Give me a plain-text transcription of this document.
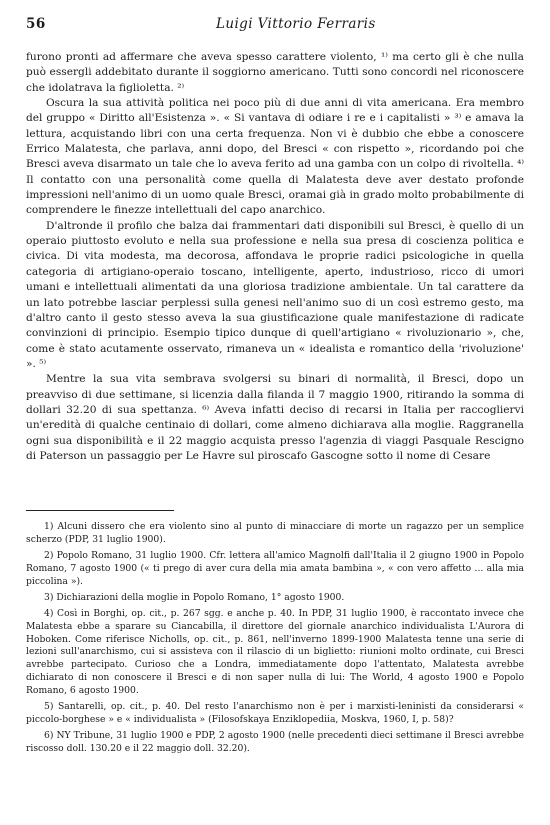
56	Luigi Vittorio Ferraris

furono pronti ad affermare che aveva spesso carattere violento, ¹⁾ ma certo gli è che nulla può essergli addebitato durante il soggiorno americano. Tutti sono concordi nel riconoscere che idolatrava la figlioletta. ²⁾

Oscura la sua attività politica nei poco più di due anni di vita americana. Era membro del gruppo « Diritto all'Esistenza ». « Si vantava di odiare i re e i capitalisti » ³⁾ e amava la lettura, acquistando libri con una certa frequenza. Non vi è dubbio che ebbe a conoscere Errico Malatesta, che parlava, anni dopo, del Bresci « con rispetto », ricordando poi che Bresci aveva disarmato un tale che lo aveva ferito ad una gamba con un colpo di rivoltella. ⁴⁾ Il contatto con una personalità come quella di Malatesta deve aver destato profonde impressioni nell'animo di un uomo quale Bresci, oramai già in grado molto probabilmente di comprendere le finezze intellettuali del capo anarchico.

D'altronde il profilo che balza dai frammentari dati disponibili sul Bresci, è quello di un operaio piuttosto evoluto e nella sua professione e nella sua presa di coscienza politica e civica. Di vita modesta, ma decorosa, affondava le proprie radici psicologiche in quella categoria di artigiano-operaio toscano, intelligente, aperto, industrioso, ricco di umori umani e intellettuali alimentati da una gloriosa tradizione ambientale. Un tal carattere da un lato potrebbe lasciar perplessi sulla genesi nell'animo suo di un così estremo gesto, ma d'altro canto il gesto stesso aveva la sua giustificazione quale manifestazione di radicate convinzioni di principio. Esempio tipico dunque di quell'artigiano « rivoluzionario », che, come è stato acutamente osservato, rimaneva un « idealista e romantico della 'rivoluzione' ». ⁵⁾

Mentre la sua vita sembrava svolgersi su binari di normalità, il Bresci, dopo un preavviso di due settimane, si licenzia dalla filanda il 7 maggio 1900, ritirando la somma di dollari 32.20 di sua spettanza. ⁶⁾ Aveva infatti deciso di recarsi in Italia per raccogliervi un'eredità di qualche centinaio di dollari, come almeno dichiarava alla moglie. Raggranella ogni sua disponibilità e il 22 maggio acquista presso l'agenzia di viaggi Pasquale Rescigno di Paterson un passaggio per Le Havre sul piroscafo Gascogne sotto il nome di Cesare

1) Alcuni dissero che era violento sino al punto di minacciare di morte un ragazzo per un semplice scherzo (PDP, 31 luglio 1900).

2) Popolo Romano, 31 luglio 1900. Cfr. lettera all'amico Magnolfi dall'Italia il 2 giugno 1900 in Popolo Romano, 7 agosto 1900 (« ti prego di aver cura della mia amata bambina », « con vero affetto ... alla mia piccolina »).

3) Dichiarazioni della moglie in Popolo Romano, 1° agosto 1900.

4) Così in Borghi, op. cit., p. 267 sgg. e anche p. 40. In PDP, 31 luglio 1900, è raccontato invece che Malatesta ebbe a sparare su Ciancabilla, il direttore del giornale anarchico individualista L'Aurora di Hoboken. Come riferisce Nicholls, op. cit., p. 861, nell'inverno 1899-1900 Malatesta tenne una serie di lezioni sull'anarchismo, cui si assisteva con il rilascio di un biglietto: riunioni molto ordinate, cui Bresci avrebbe partecipato. Curioso che a Londra, immediatamente dopo l'attentato, Malatesta avrebbe dichiarato di non conoscere il Bresci e di non saper nulla di lui: The World, 4 agosto 1900 e Popolo Romano, 6 agosto 1900.

5) Santarelli, op. cit., p. 40. Del resto l'anarchismo non è per i marxisti-leninisti da considerarsi « piccolo-borghese » e « individualista » (Filosofskaya Enziklopediia, Moskva, 1960, I, p. 58)?

6) NY Tribune, 31 luglio 1900 e PDP, 2 agosto 1900 (nelle precedenti dieci settimane il Bresci avrebbe riscosso doll. 130.20 e il 22 maggio doll. 32.20).
